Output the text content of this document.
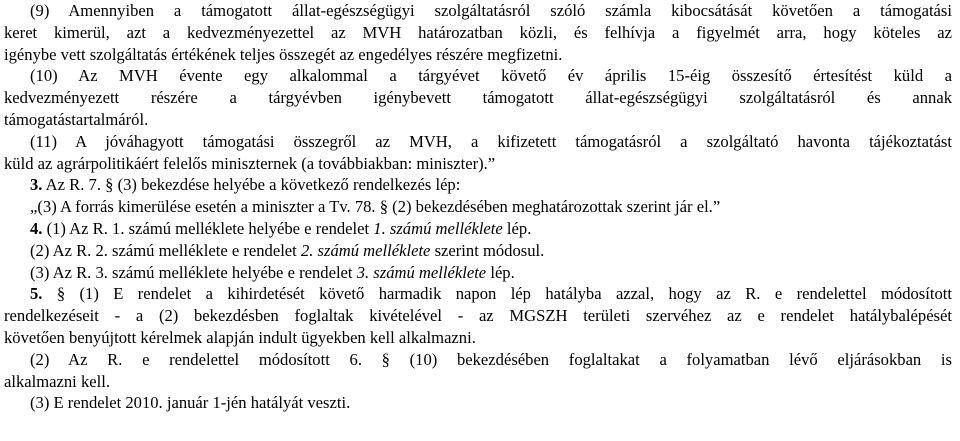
(9) Amennyiben a támogatott állat-egészségügyi szolgáltatásról szóló számla kibocsátását követően a támogatási
keret kimerül, azt a kedvezményezettel az MVH határozatban közli, és felhívja a figyelmét arra, hogy köteles az
igénybe vett szolgáltatás értékének teljes összegét az engedélyes részére megfizetni.
(10) Az MVH évente egy alkalommal a tárgyévet követő év április 15-éig összesítő értesítést küld a
kedvezményezett részére a tárgyévben igénybevett támogatott állat-egészségügyi szolgáltatásról és annak
támogatástartalmáról.
(11) A jóváhagyott támogatási összegről az MVH, a kifizetett támogatásról a szolgáltató havonta tájékoztatást
küld az agrárpolitikáért felelős miniszternek (a továbbiakban: miniszter).”
3. Az R. 7. § (3) bekezdése helyébe a következő rendelkezés lép:
„(3) A forrás kimerülése esetén a miniszter a Tv. 78. § (2) bekezdésében meghatározottak szerint jár el.”
4. (1) Az R. 1. számú melléklete helyébe e rendelet 1. számú melléklete lép.
(2) Az R. 2. számú melléklete e rendelet 2. számú melléklete szerint módosul.
(3) Az R. 3. számú melléklete helyébe e rendelet 3. számú melléklete lép.
5. § (1) E rendelet a kihirdetését követő harmadik napon lép hatályba azzal, hogy az R. e rendelettel módosított
rendelkezéseit - a (2) bekezdésben foglaltak kivételével - az MGSZH területi szervéhez az e rendelet hatálybalépését
követően benyújtott kérelmek alapján indult ügyekben kell alkalmazni.
(2) Az R. e rendelettel módosított 6. § (10) bekezdésében foglaltakat a folyamatban lévő eljárásokban is
alkalmazni kell.
(3) E rendelet 2010. január 1-jén hatályát veszti.
